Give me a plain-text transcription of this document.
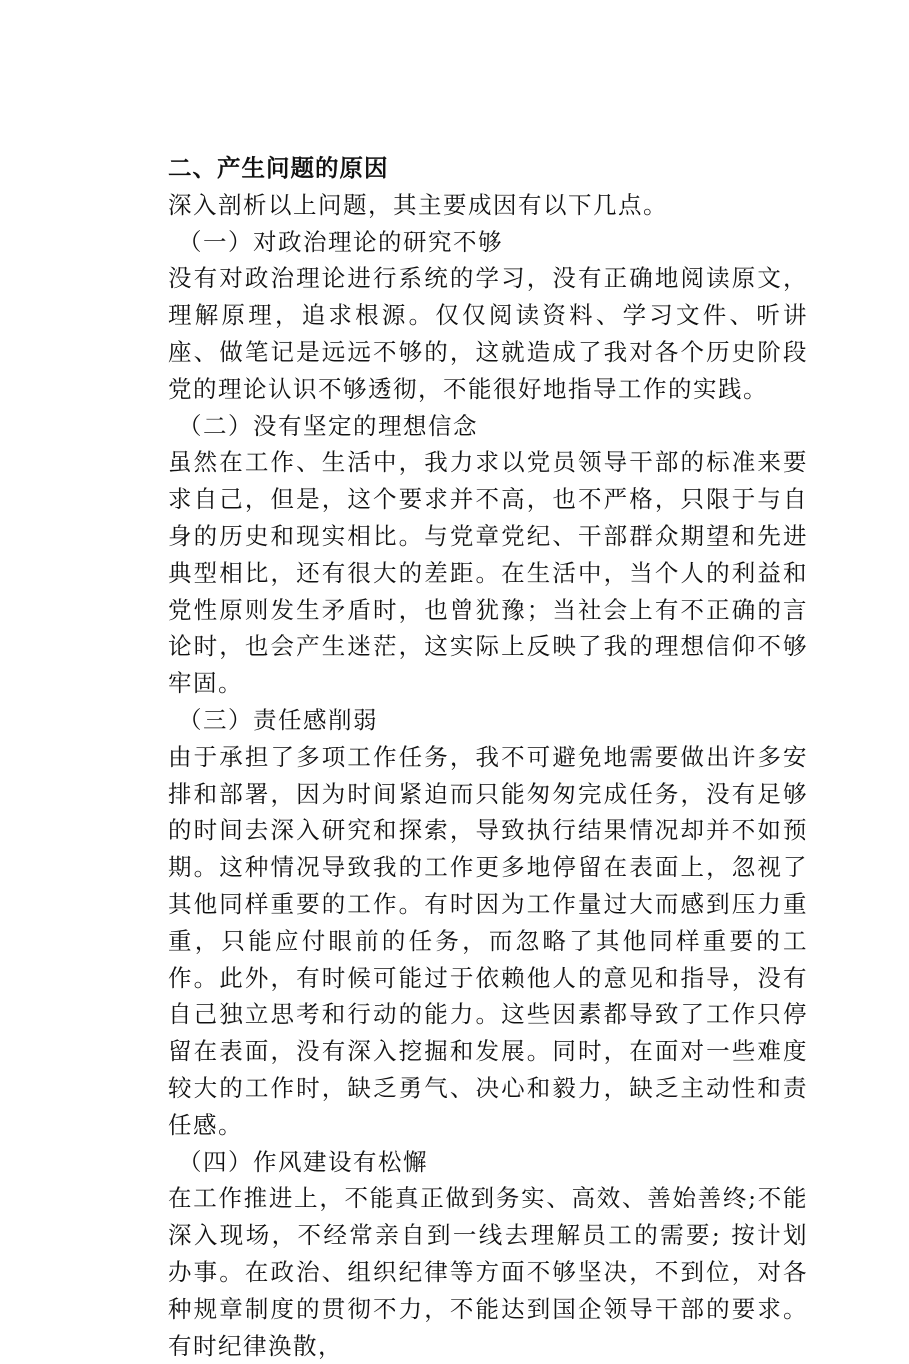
二、产生问题的原因

深入剖析以上问题，其主要成因有以下几点。

（一）对政治理论的研究不够

没有对政治理论进行系统的学习，没有正确地阅读原文，理解原理，追求根源。仅仅阅读资料、学习文件、听讲座、做笔记是远远不够的，这就造成了我对各个历史阶段党的理论认识不够透彻，不能很好地指导工作的实践。

（二）没有坚定的理想信念

虽然在工作、生活中，我力求以党员领导干部的标准来要求自己，但是，这个要求并不高，也不严格，只限于与自身的历史和现实相比。与党章党纪、干部群众期望和先进典型相比，还有很大的差距。在生活中，当个人的利益和党性原则发生矛盾时，也曾犹豫；当社会上有不正确的言论时，也会产生迷茫，这实际上反映了我的理想信仰不够牢固。

（三）责任感削弱

由于承担了多项工作任务，我不可避免地需要做出许多安排和部署，因为时间紧迫而只能匆匆完成任务，没有足够的时间去深入研究和探索，导致执行结果情况却并不如预期。这种情况导致我的工作更多地停留在表面上，忽视了其他同样重要的工作。有时因为工作量过大而感到压力重重，只能应付眼前的任务，而忽略了其他同样重要的工作。此外，有时候可能过于依赖他人的意见和指导，没有自己独立思考和行动的能力。这些因素都导致了工作只停留在表面，没有深入挖掘和发展。同时，在面对一些难度较大的工作时，缺乏勇气、决心和毅力，缺乏主动性和责任感。

（四）作风建设有松懈

在工作推进上，不能真正做到务实、高效、善始善终;不能深入现场，不经常亲自到一线去理解员工的需要; 按计划办事。在政治、组织纪律等方面不够坚决，不到位，对各种规章制度的贯彻不力，不能达到国企领导干部的要求。有时纪律涣散，
